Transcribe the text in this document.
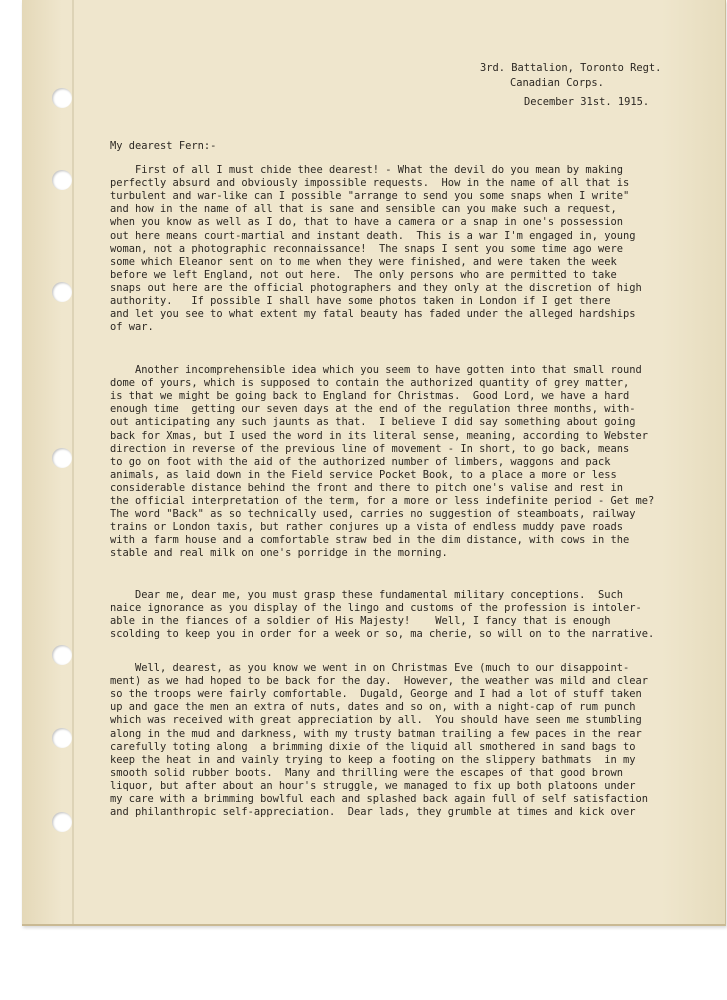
3rd. Battalion, Toronto Regt.
Canadian Corps.
December 31st. 1915.
My dearest Fern:-
First of all I must chide thee dearest! - What the devil do you mean by making
perfectly absurd and obviously impossible requests.  How in the name of all that is
turbulent and war-like can I possible "arrange to send you some snaps when I write"
and how in the name of all that is sane and sensible can you make such a request,
when you know as well as I do, that to have a camera or a snap in one's possession
out here means court-martial and instant death.  This is a war I'm engaged in, young
woman, not a photographic reconnaissance!  The snaps I sent you some time ago were
some which Eleanor sent on to me when they were finished, and were taken the week
before we left England, not out here.  The only persons who are permitted to take
snaps out here are the official photographers and they only at the discretion of high
authority.   If possible I shall have some photos taken in London if I get there
and let you see to what extent my fatal beauty has faded under the alleged hardships
of war.
Another incomprehensible idea which you seem to have gotten into that small round
dome of yours, which is supposed to contain the authorized quantity of grey matter,
is that we might be going back to England for Christmas.  Good Lord, we have a hard
enough time  getting our seven days at the end of the regulation three months, with-
out anticipating any such jaunts as that.  I believe I did say something about going
back for Xmas, but I used the word in its literal sense, meaning, according to Webster
direction in reverse of the previous line of movement - In short, to go back, means
to go on foot with the aid of the authorized number of limbers, waggons and pack
animals, as laid down in the Field service Pocket Book, to a place a more or less
considerable distance behind the front and there to pitch one's valise and rest in
the official interpretation of the term, for a more or less indefinite period - Get me?
The word "Back" as so technically used, carries no suggestion of steamboats, railway
trains or London taxis, but rather conjures up a vista of endless muddy pave roads
with a farm house and a comfortable straw bed in the dim distance, with cows in the
stable and real milk on one's porridge in the morning.
Dear me, dear me, you must grasp these fundamental military conceptions.  Such
naice ignorance as you display of the lingo and customs of the profession is intoler-
able in the fiances of a soldier of His Majesty!    Well, I fancy that is enough
scolding to keep you in order for a week or so, ma cherie, so will on to the narrative.
Well, dearest, as you know we went in on Christmas Eve (much to our disappoint-
ment) as we had hoped to be back for the day.  However, the weather was mild and clear
so the troops were fairly comfortable.  Dugald, George and I had a lot of stuff taken
up and gace the men an extra of nuts, dates and so on, with a night-cap of rum punch
which was received with great appreciation by all.  You should have seen me stumbling
along in the mud and darkness, with my trusty batman trailing a few paces in the rear
carefully toting along  a brimming dixie of the liquid all smothered in sand bags to
keep the heat in and vainly trying to keep a footing on the slippery bathmats  in my
smooth solid rubber boots.  Many and thrilling were the escapes of that good brown
liquor, but after about an hour's struggle, we managed to fix up both platoons under
my care with a brimming bowlful each and splashed back again full of self satisfaction
and philanthropic self-appreciation.  Dear lads, they grumble at times and kick over
